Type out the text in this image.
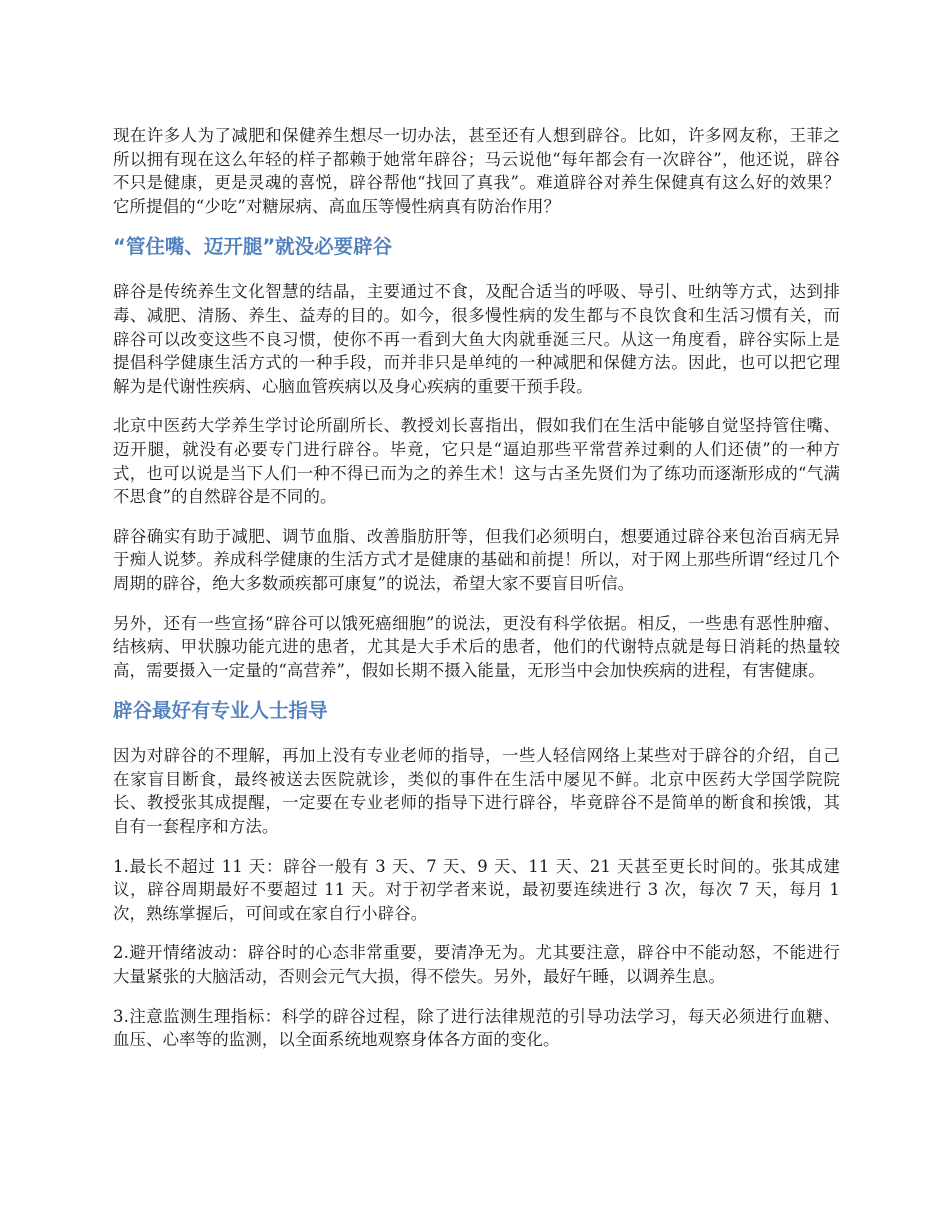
现在许多人为了减肥和保健养生想尽一切办法，甚至还有人想到辟谷。比如，许多网友称，王菲之所以拥有现在这么年轻的样子都赖于她常年辟谷；马云说他“每年都会有一次辟谷”，他还说，辟谷不只是健康，更是灵魂的喜悦，辟谷帮他“找回了真我”。难道辟谷对养生保健真有这么好的效果？它所提倡的“少吃”对糖尿病、高血压等慢性病真有防治作用？

“管住嘴、迈开腿”就没必要辟谷

辟谷是传统养生文化智慧的结晶，主要通过不食，及配合适当的呼吸、导引、吐纳等方式，达到排毒、减肥、清肠、养生、益寿的目的。如今，很多慢性病的发生都与不良饮食和生活习惯有关，而辟谷可以改变这些不良习惯，使你不再一看到大鱼大肉就垂涎三尺。从这一角度看，辟谷实际上是提倡科学健康生活方式的一种手段，而并非只是单纯的一种减肥和保健方法。因此，也可以把它理解为是代谢性疾病、心脑血管疾病以及身心疾病的重要干预手段。

北京中医药大学养生学讨论所副所长、教授刘长喜指出，假如我们在生活中能够自觉坚持管住嘴、迈开腿，就没有必要专门进行辟谷。毕竟，它只是“逼迫那些平常营养过剩的人们还债”的一种方式，也可以说是当下人们一种不得已而为之的养生术！这与古圣先贤们为了练功而逐渐形成的“气满不思食”的自然辟谷是不同的。

辟谷确实有助于减肥、调节血脂、改善脂肪肝等，但我们必须明白，想要通过辟谷来包治百病无异于痴人说梦。养成科学健康的生活方式才是健康的基础和前提！所以，对于网上那些所谓“经过几个周期的辟谷，绝大多数顽疾都可康复”的说法，希望大家不要盲目听信。

另外，还有一些宣扬“辟谷可以饿死癌细胞”的说法，更没有科学依据。相反，一些患有恶性肿瘤、结核病、甲状腺功能亢进的患者，尤其是大手术后的患者，他们的代谢特点就是每日消耗的热量较高，需要摄入一定量的“高营养”，假如长期不摄入能量，无形当中会加快疾病的进程，有害健康。

辟谷最好有专业人士指导

因为对辟谷的不理解，再加上没有专业老师的指导，一些人轻信网络上某些对于辟谷的介绍，自己在家盲目断食，最终被送去医院就诊，类似的事件在生活中屡见不鲜。北京中医药大学国学院院长、教授张其成提醒，一定要在专业老师的指导下进行辟谷，毕竟辟谷不是简单的断食和挨饿，其自有一套程序和方法。

1.最长不超过 11 天：辟谷一般有 3 天、7 天、9 天、11 天、21 天甚至更长时间的。张其成建议，辟谷周期最好不要超过 11 天。对于初学者来说，最初要连续进行 3 次，每次 7 天，每月 1 次，熟练掌握后，可间或在家自行小辟谷。

2.避开情绪波动：辟谷时的心态非常重要，要清净无为。尤其要注意，辟谷中不能动怒，不能进行大量紧张的大脑活动，否则会元气大损，得不偿失。另外，最好午睡，以调养生息。

3.注意监测生理指标：科学的辟谷过程，除了进行法律规范的引导功法学习，每天必须进行血糖、血压、心率等的监测，以全面系统地观察身体各方面的变化。
